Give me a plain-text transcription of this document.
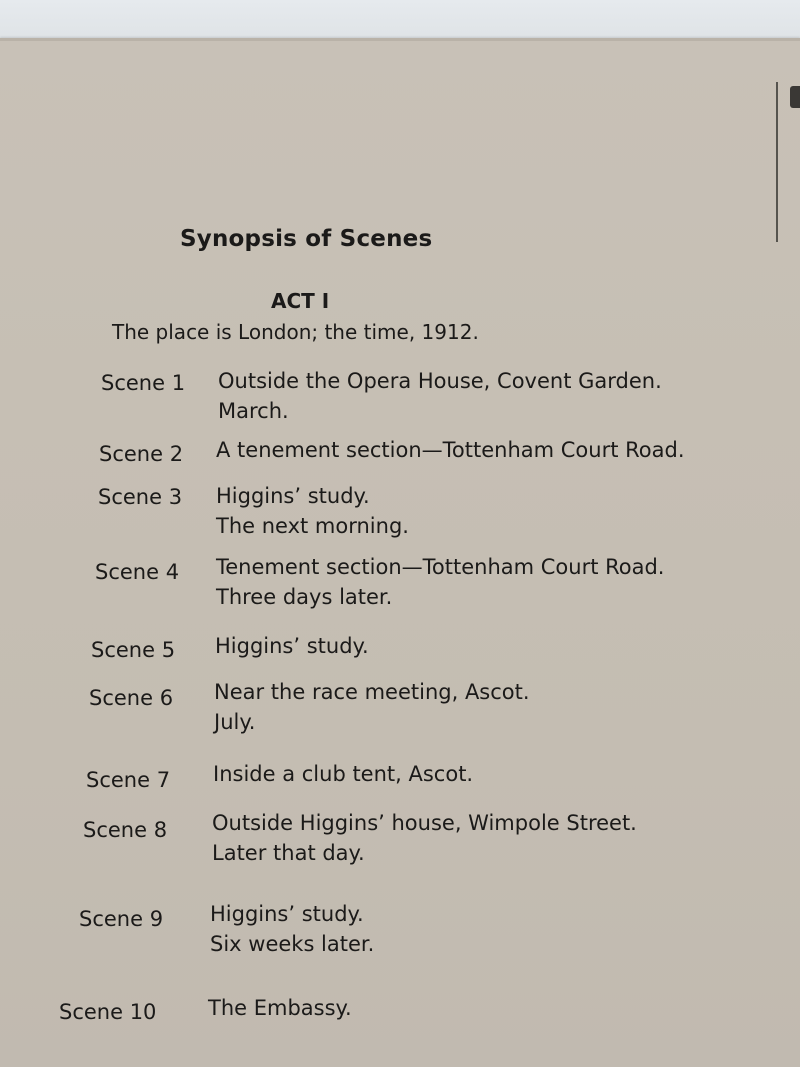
Synopsis of Scenes
ACT I
The place is London; the time, 1912.
Scene 1 Outside the Opera House, Covent Garden.
March.
Scene 2 A tenement section—Tottenham Court Road.
Scene 3 Higgins’ study.
The next morning.
Scene 4 Tenement section—Tottenham Court Road.
Three days later.
Scene 5 Higgins’ study.
Scene 6 Near the race meeting, Ascot.
July.
Scene 7 Inside a club tent, Ascot.
Scene 8 Outside Higgins’ house, Wimpole Street.
Later that day.
Scene 9 Higgins’ study.
Six weeks later.
Scene 10 The Embassy.
